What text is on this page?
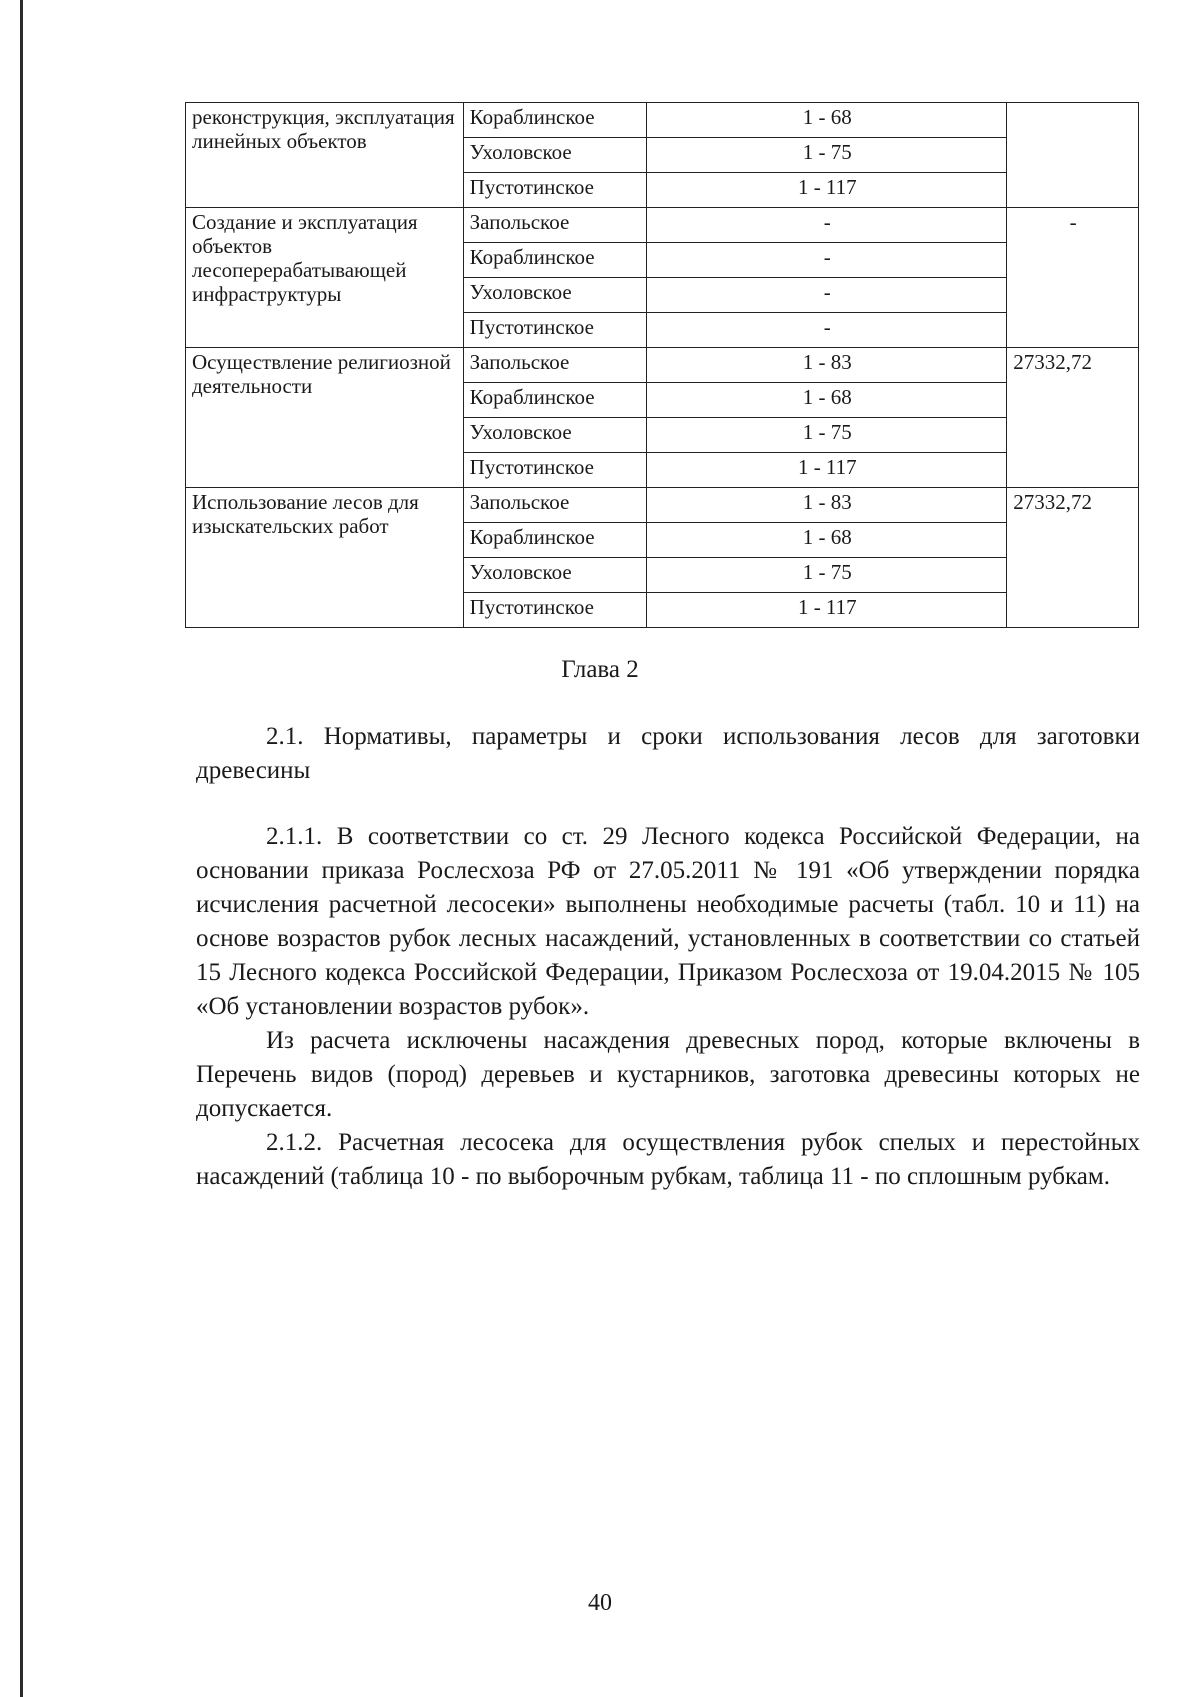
реконструкция, эксплуатация линейных объектов	Кораблинское	1 - 68	
	Ухоловское	1 - 75	
	Пустотинское	1 - 117	
Создание и эксплуатация объектов лесоперерабатывающей инфраструктуры	Запольское	-	-
	Кораблинское	-	
	Ухоловское	-	
	Пустотинское	-	
Осуществление религиозной деятельности	Запольское	1 - 83	27332,72
	Кораблинское	1 - 68	
	Ухоловское	1 - 75	
	Пустотинское	1 - 117	
Использование лесов для изыскательских работ	Запольское	1 - 83	27332,72
	Кораблинское	1 - 68	
	Ухоловское	1 - 75	
	Пустотинское	1 - 117	
Глава 2

2.1. Нормативы, параметры и сроки использования лесов для заготовки древесины

2.1.1. В соответствии со ст. 29 Лесного кодекса Российской Федерации, на основании приказа Рослесхоза РФ от 27.05.2011 № 191 «Об утверждении порядка исчисления расчетной лесосеки» выполнены необходимые расчеты (табл. 10 и 11) на основе возрастов рубок лесных насаждений, установленных в соответствии со статьей 15 Лесного кодекса Российской Федерации, Приказом Рослесхоза от 19.04.2015 № 105 «Об установлении возрастов рубок».

Из расчета исключены насаждения древесных пород, которые включены в Перечень видов (пород) деревьев и кустарников, заготовка древесины которых не допускается.

2.1.2. Расчетная лесосека для осуществления рубок спелых и перестойных насаждений (таблица 10 - по выборочным рубкам, таблица 11 - по сплошным рубкам.

40
